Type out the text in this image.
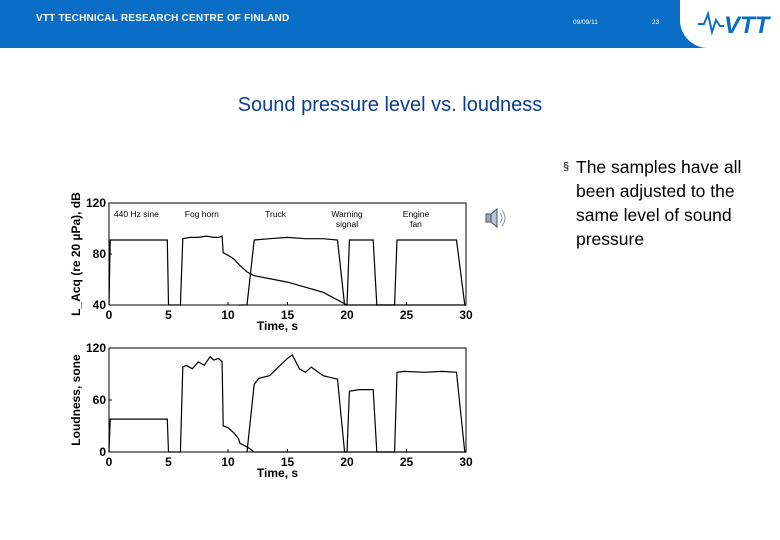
VTT TECHNICAL RESEARCH CENTRE OF FINLAND	09/09/11	23	VTT
Sound pressure level vs. loudness
§ The samples have all been adjusted to the same level of sound pressure
0	5	10	15	20	25	30
40
80
120
Time, s
L_Acq (re 20 µPa), dB	440 Hz sine	Fog horn	Truck	Warning
signal
Engine
fan
0	5	10	15	20	25	30
0
60
120
Time, s
Loudness, sone
